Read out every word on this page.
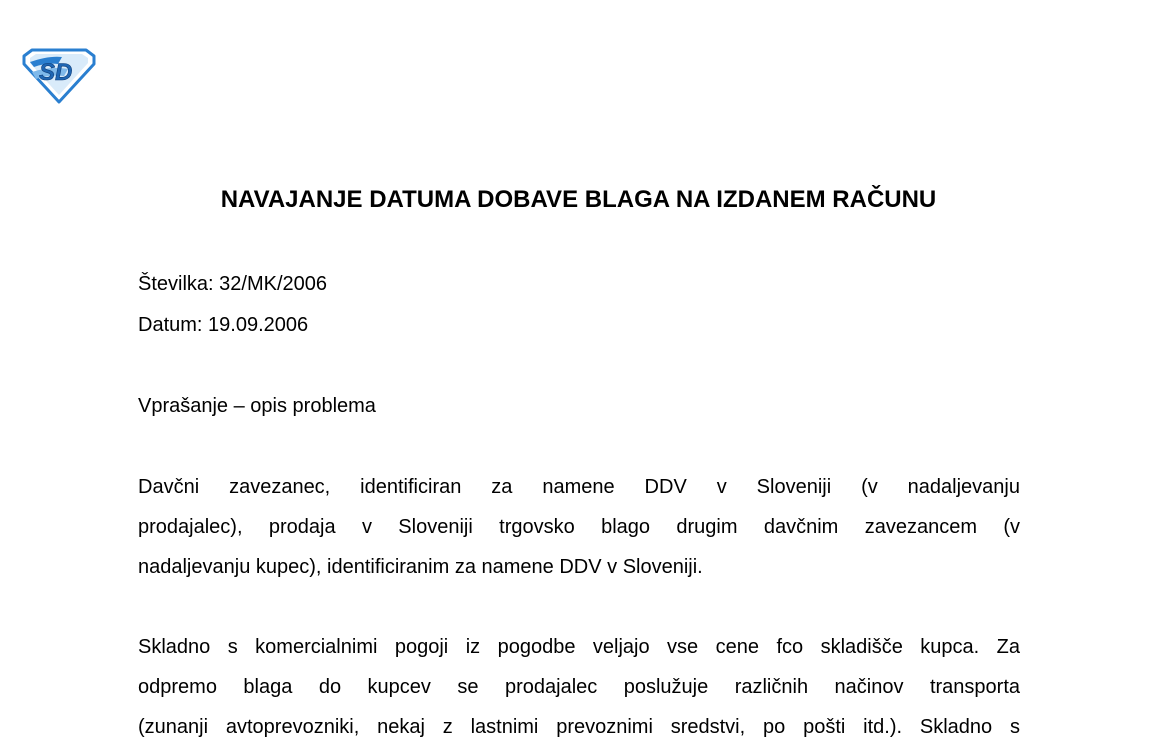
SD
NAVAJANJE DATUMA DOBAVE BLAGA NA IZDANEM RAČUNU

Številka: 32/MK/2006

Datum: 19.09.2006

Vprašanje – opis problema

Davčni zavezanec, identificiran za namene DDV v Sloveniji (v nadaljevanju
prodajalec), prodaja v Sloveniji trgovsko blago drugim davčnim zavezancem (v
nadaljevanju kupec), identificiranim za namene DDV v Sloveniji.
Skladno s komercialnimi pogoji iz pogodbe veljajo vse cene fco skladišče kupca. Za
odpremo blaga do kupcev se prodajalec poslužuje različnih načinov transporta
(zunanji avtoprevozniki, nekaj z lastnimi prevoznimi sredstvi, po pošti itd.). Skladno s
